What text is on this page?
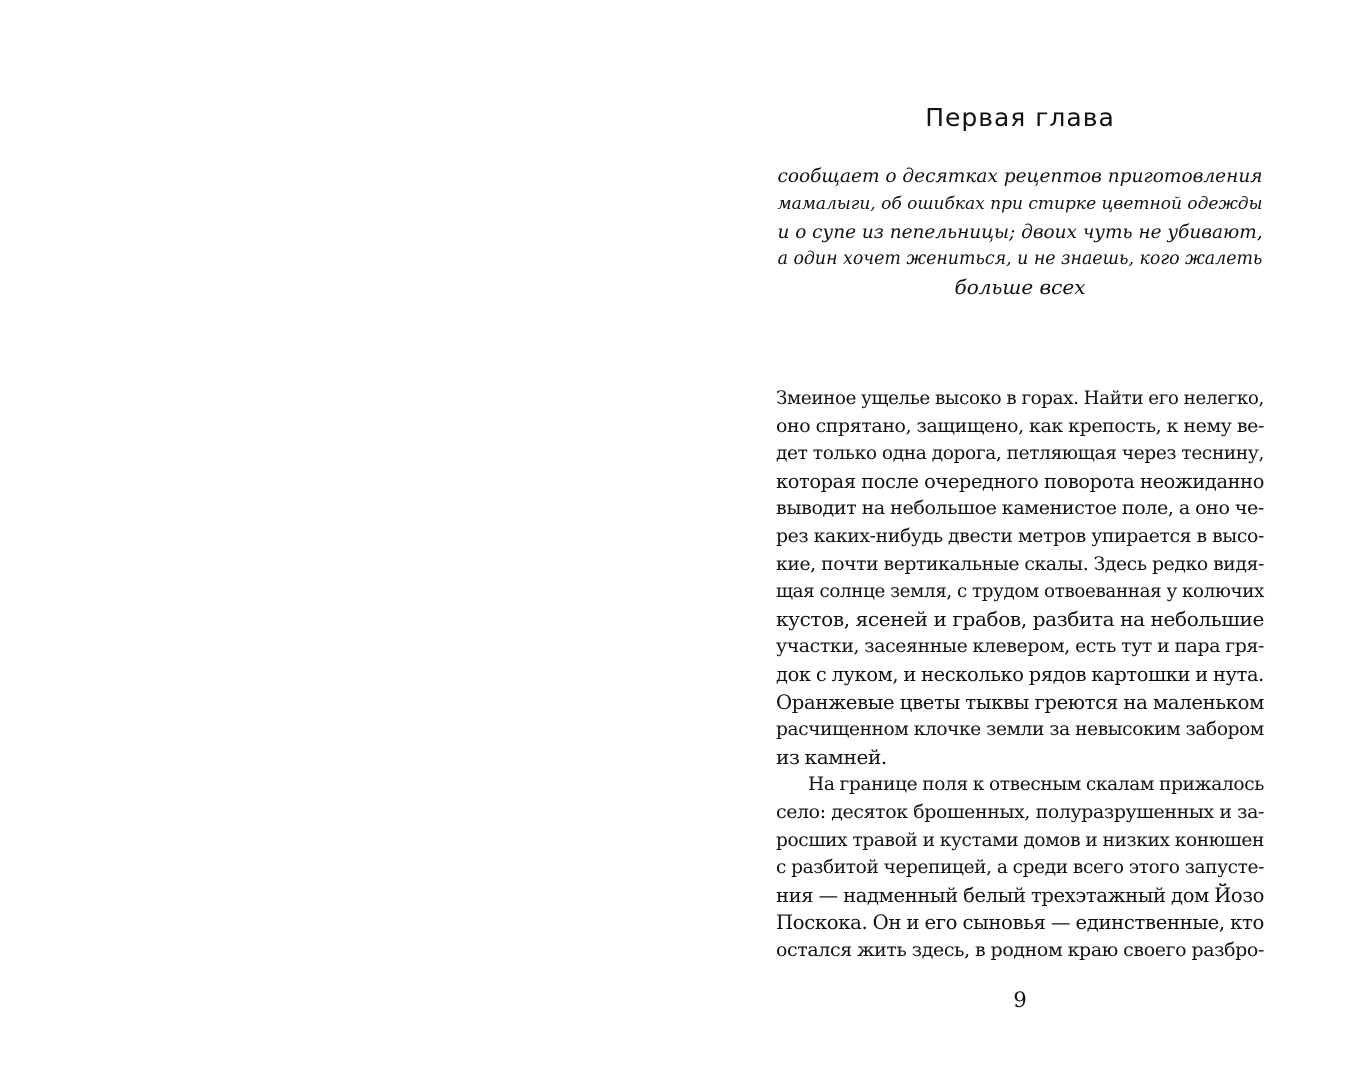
Первая глава
сообщает о десятках рецептов приготовления
мамалыги, об ошибках при стирке цветной одежды
и о супе из пепельницы; двоих чуть не убивают,
а один хочет жениться, и не знаешь, кого жалеть
больше всех
Змеиное ущелье высоко в горах. Найти его нелегко,
оно спрятано, защищено, как крепость, к нему ве-
дет только одна дорога, петляющая через теснину,
которая после очередного поворота неожиданно
выводит на небольшое каменистое поле, а оно че-
рез каких-нибудь двести метров упирается в высо-
кие, почти вертикальные скалы. Здесь редко видя-
щая солнце земля, с трудом отвоеванная у колючих
кустов, ясеней и грабов, разбита на небольшие
участки, засеянные клевером, есть тут и пара гря-
док с луком, и несколько рядов картошки и нута.
Оранжевые цветы тыквы греются на маленьком
расчищенном клочке земли за невысоким забором
из камней.
На границе поля к отвесным скалам прижалось
село: десяток брошенных, полуразрушенных и за-
росших травой и кустами домов и низких конюшен
с разбитой черепицей, а среди всего этого запусте-
ния — надменный белый трехэтажный дом Йозо
Поскока. Он и его сыновья — единственные, кто
остался жить здесь, в родном краю своего разбро-
9
